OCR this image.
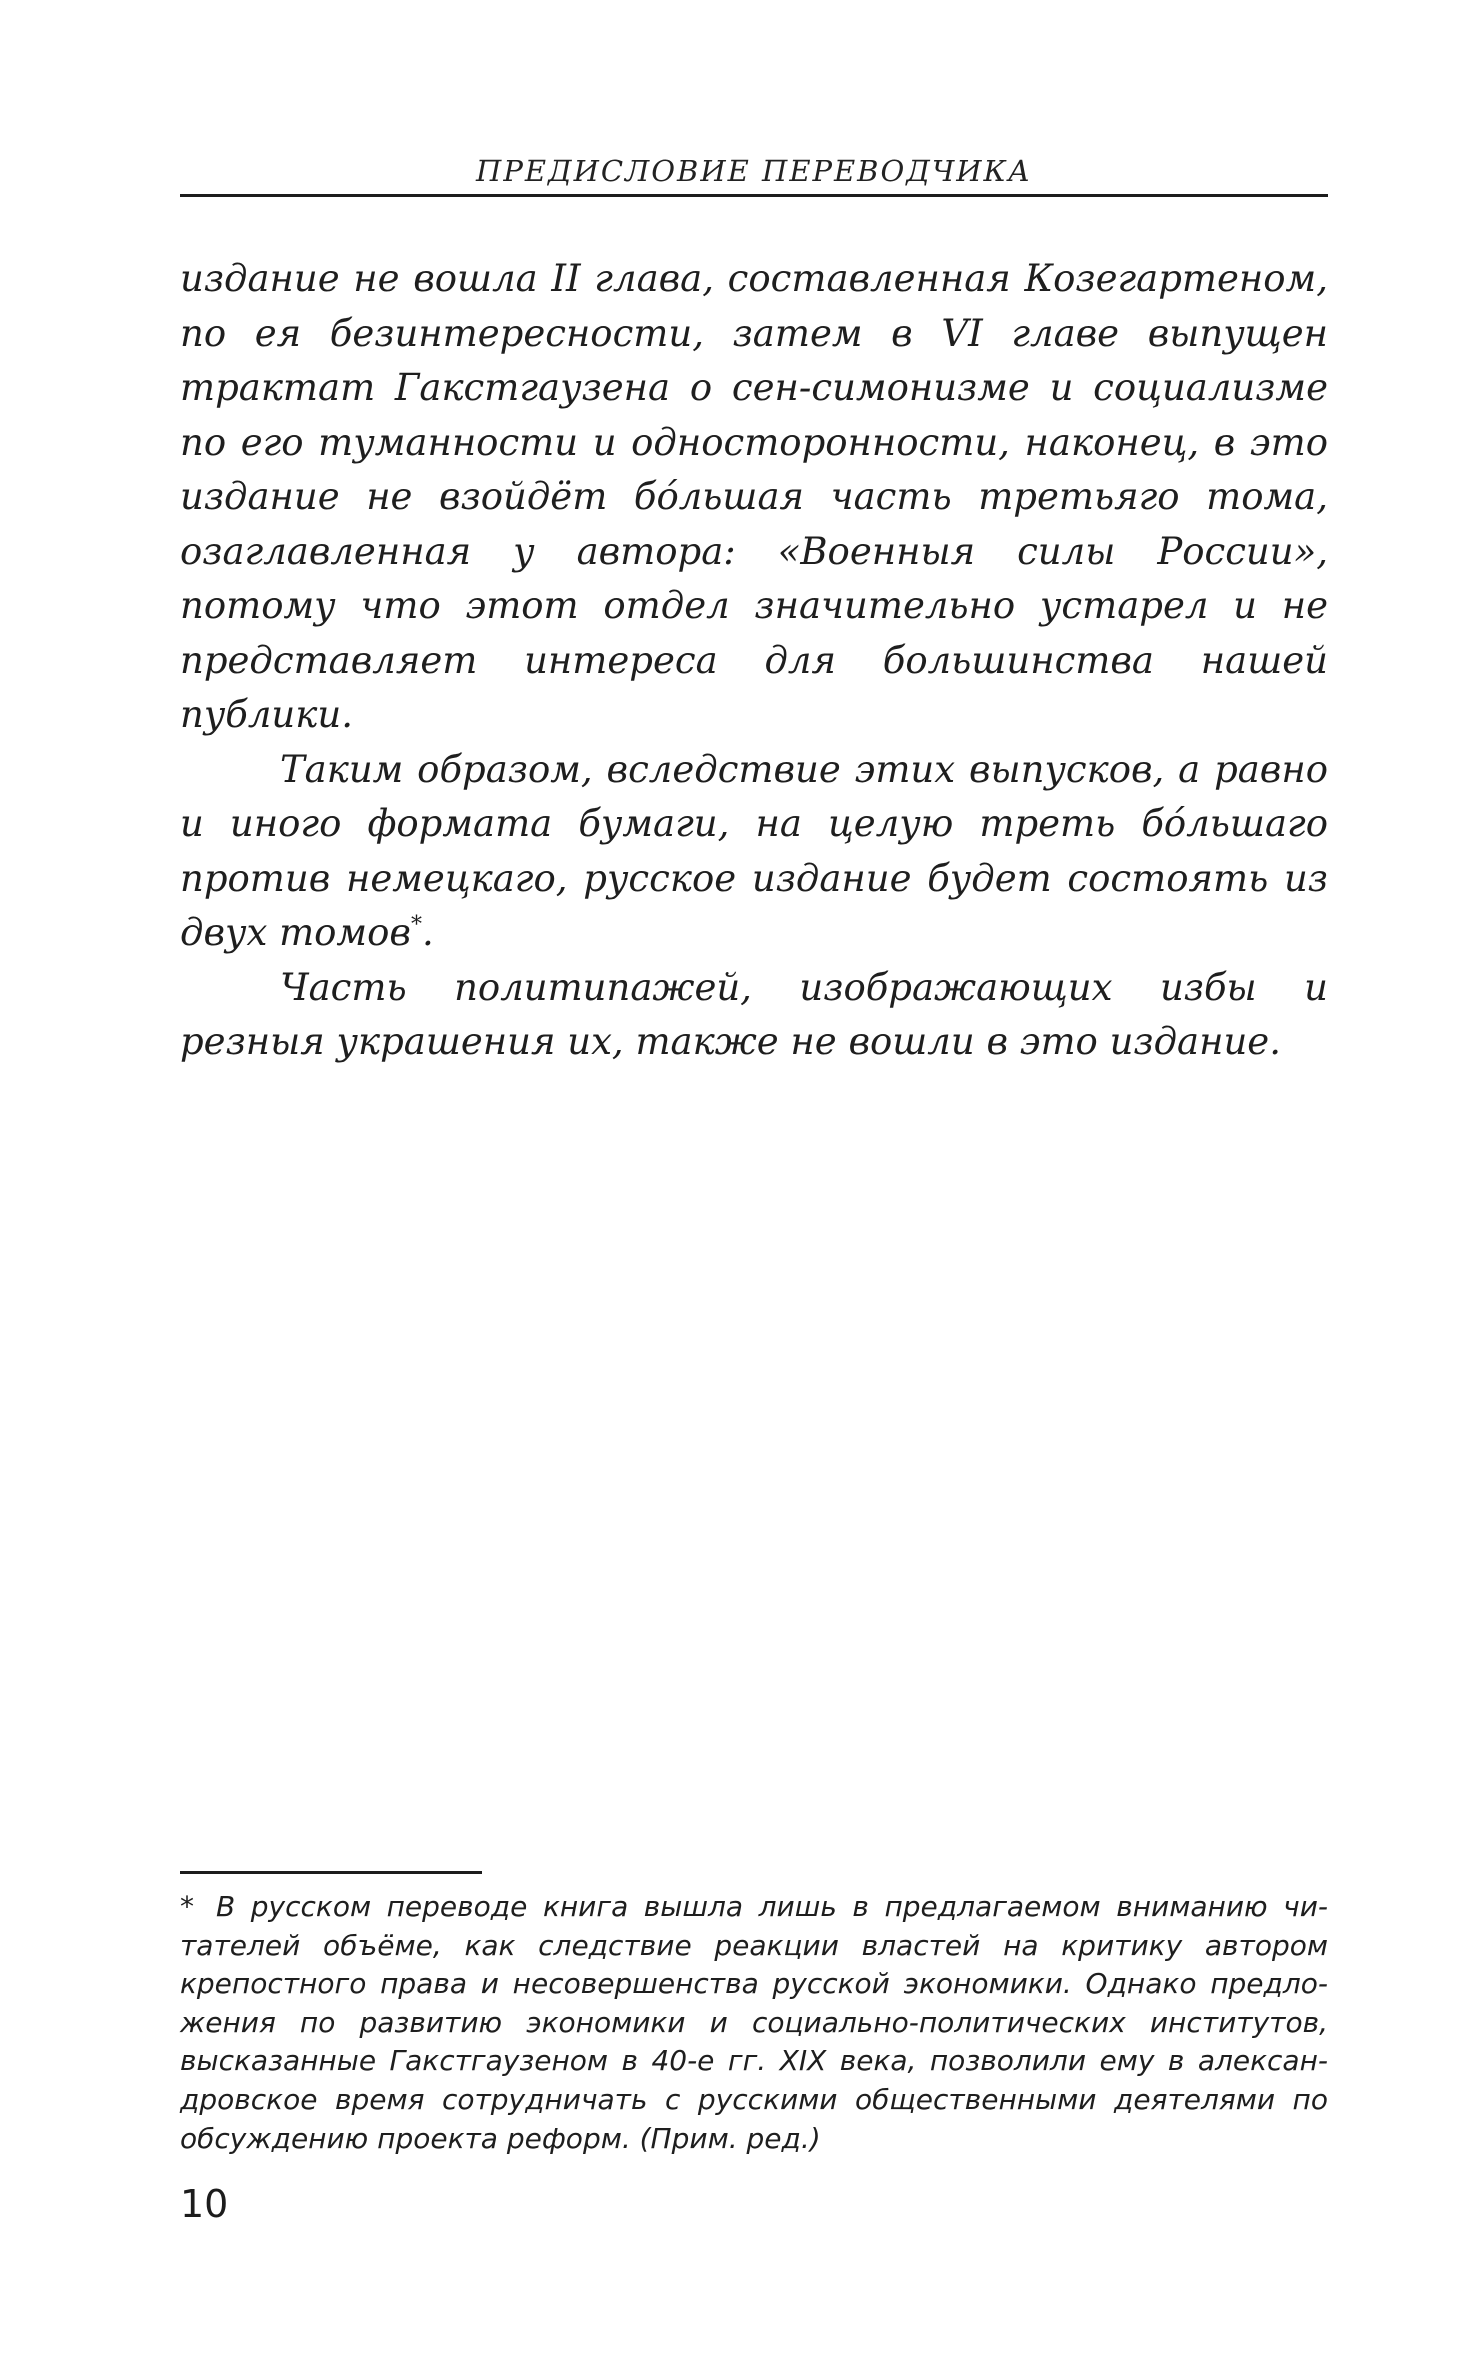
ПРЕДИСЛОВИЕ ПЕРЕВОДЧИКА

издание не вошла II глава, составленная Козегартеном, по ея безинтересности, затем в VI главе выпущен трактат Гакстгаузена о сен-симонизме и социализме по его туманности и односторонности, наконец, в это издание не взойдёт бóльшая часть третьяго тома, озаглавленная у автора: «Военныя силы России», потому что этот отдел значительно устарел и не представляет интереса для большинства нашей публики.

Таким образом, вследствие этих выпусков, а равно и иного формата бумаги, на целую треть бóльшаго против немецкаго, русское издание будет состоять из двух томов*.

Часть политипажей, изображающих избы и резныя украшения их, также не вошли в это издание.

* В русском переводе книга вышла лишь в предлагаемом вниманию читателей объёме, как следствие реакции властей на критику автором крепостного права и несовершенства русской экономики. Однако предложения по развитию экономики и социально-политических институтов, высказанные Гакстгаузеном в 40-е гг. XIX века, позволили ему в александровское время сотрудничать с русскими общественными деятелями по обсуждению проекта реформ. (Прим. ред.)
10
